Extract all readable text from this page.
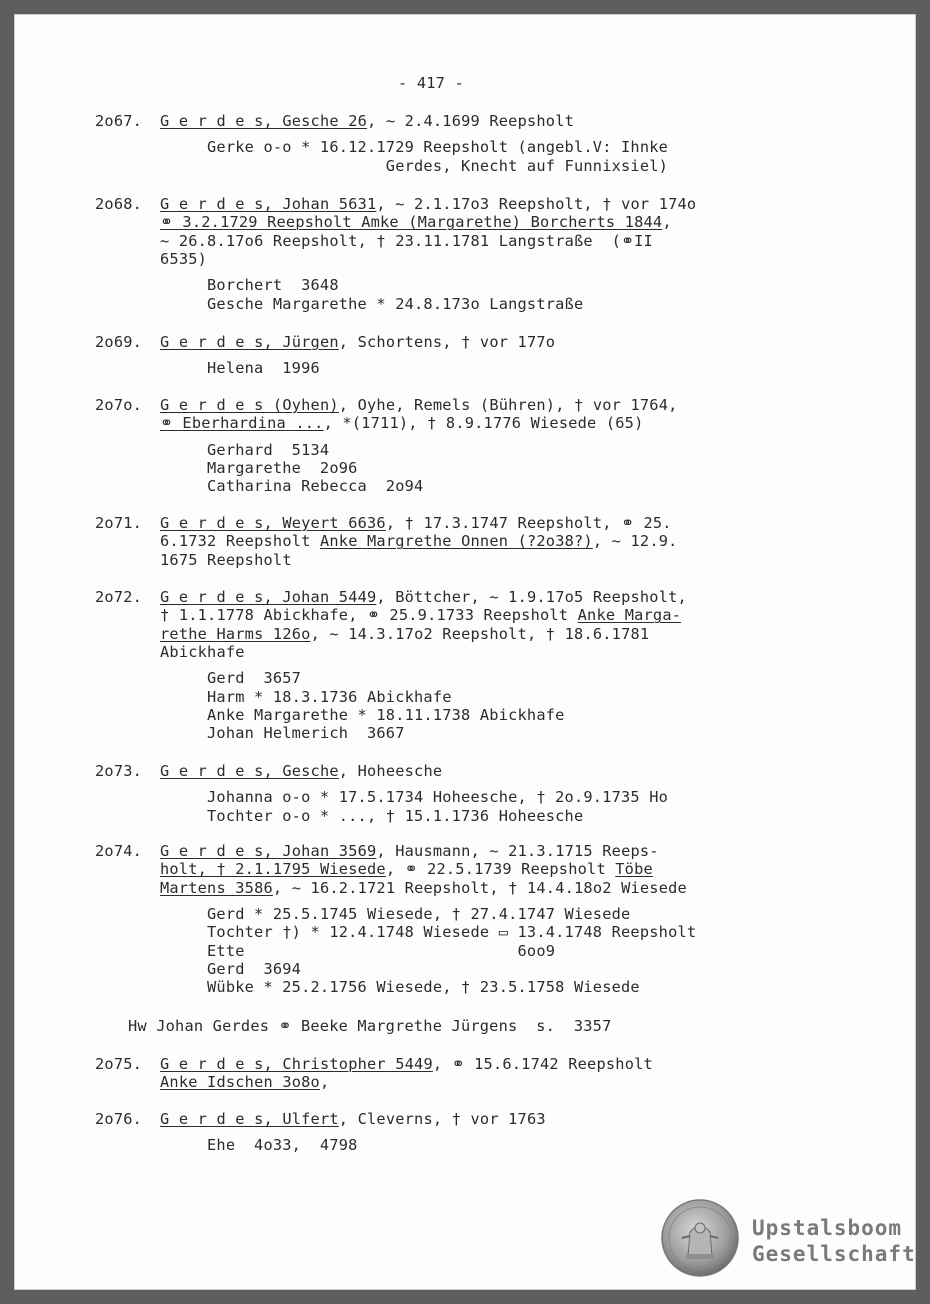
- 417 -
2o67. G e r d e s, Gesche 26, ~ 2.4.1699 Reepsholt
Gerke o-o * 16.12.1729 Reepsholt (angebl.V: Ihnke
Gerdes, Knecht auf Funnixsiel)
2o68. G e r d e s, Johan 5631, ~ 2.1.17o3 Reepsholt, † vor 174o
⚭ 3.2.1729 Reepsholt Amke (Margarethe) Borcherts 1844,
~ 26.8.17o6 Reepsholt, † 23.11.1781 Langstraße  (⚭II
6535)
Borchert  3648
Gesche Margarethe * 24.8.173o Langstraße
2o69. G e r d e s, Jürgen, Schortens, † vor 177o
Helena  1996
2o7o. G e r d e s (Oyhen), Oyhe, Remels (Bühren), † vor 1764,
⚭ Eberhardina ..., *(1711), † 8.9.1776 Wiesede (65)
Gerhard  5134
Margarethe  2o96
Catharina Rebecca  2o94
2o71. G e r d e s, Weyert 6636, † 17.3.1747 Reepsholt, ⚭ 25.
6.1732 Reepsholt Anke Margrethe Onnen (?2o38?), ~ 12.9.
1675 Reepsholt
2o72. G e r d e s, Johan 5449, Böttcher, ~ 1.9.17o5 Reepsholt,
† 1.1.1778 Abickhafe, ⚭ 25.9.1733 Reepsholt Anke Marga-
rethe Harms 126o, ~ 14.3.17o2 Reepsholt, † 18.6.1781
Abickhafe
Gerd  3657
Harm * 18.3.1736 Abickhafe
Anke Margarethe * 18.11.1738 Abickhafe
Johan Helmerich  3667
2o73. G e r d e s, Gesche, Hoheesche
Johanna o-o * 17.5.1734 Hoheesche, † 2o.9.1735 Ho
Tochter o-o * ..., † 15.1.1736 Hoheesche
2o74. G e r d e s, Johan 3569, Hausmann, ~ 21.3.1715 Reeps-
holt, † 2.1.1795 Wiesede, ⚭ 22.5.1739 Reepsholt Töbe
Martens 3586, ~ 16.2.1721 Reepsholt, † 14.4.18o2 Wiesede
Gerd * 25.5.1745 Wiesede, † 27.4.1747 Wiesede
Tochter †) * 12.4.1748 Wiesede ▭ 13.4.1748 Reepsholt
Ette                             6oo9
Gerd  3694
Wübke * 25.2.1756 Wiesede, † 23.5.1758 Wiesede
Hw Johan Gerdes ⚭ Beeke Margrethe Jürgens  s.  3357
2o75. G e r d e s, Christopher 5449, ⚭ 15.6.1742 Reepsholt
Anke Idschen 3o8o,
2o76. G e r d e s, Ulfert, Cleverns, † vor 1763
Ehe  4o33,  4798
Upstalsboom
Gesellschaft
